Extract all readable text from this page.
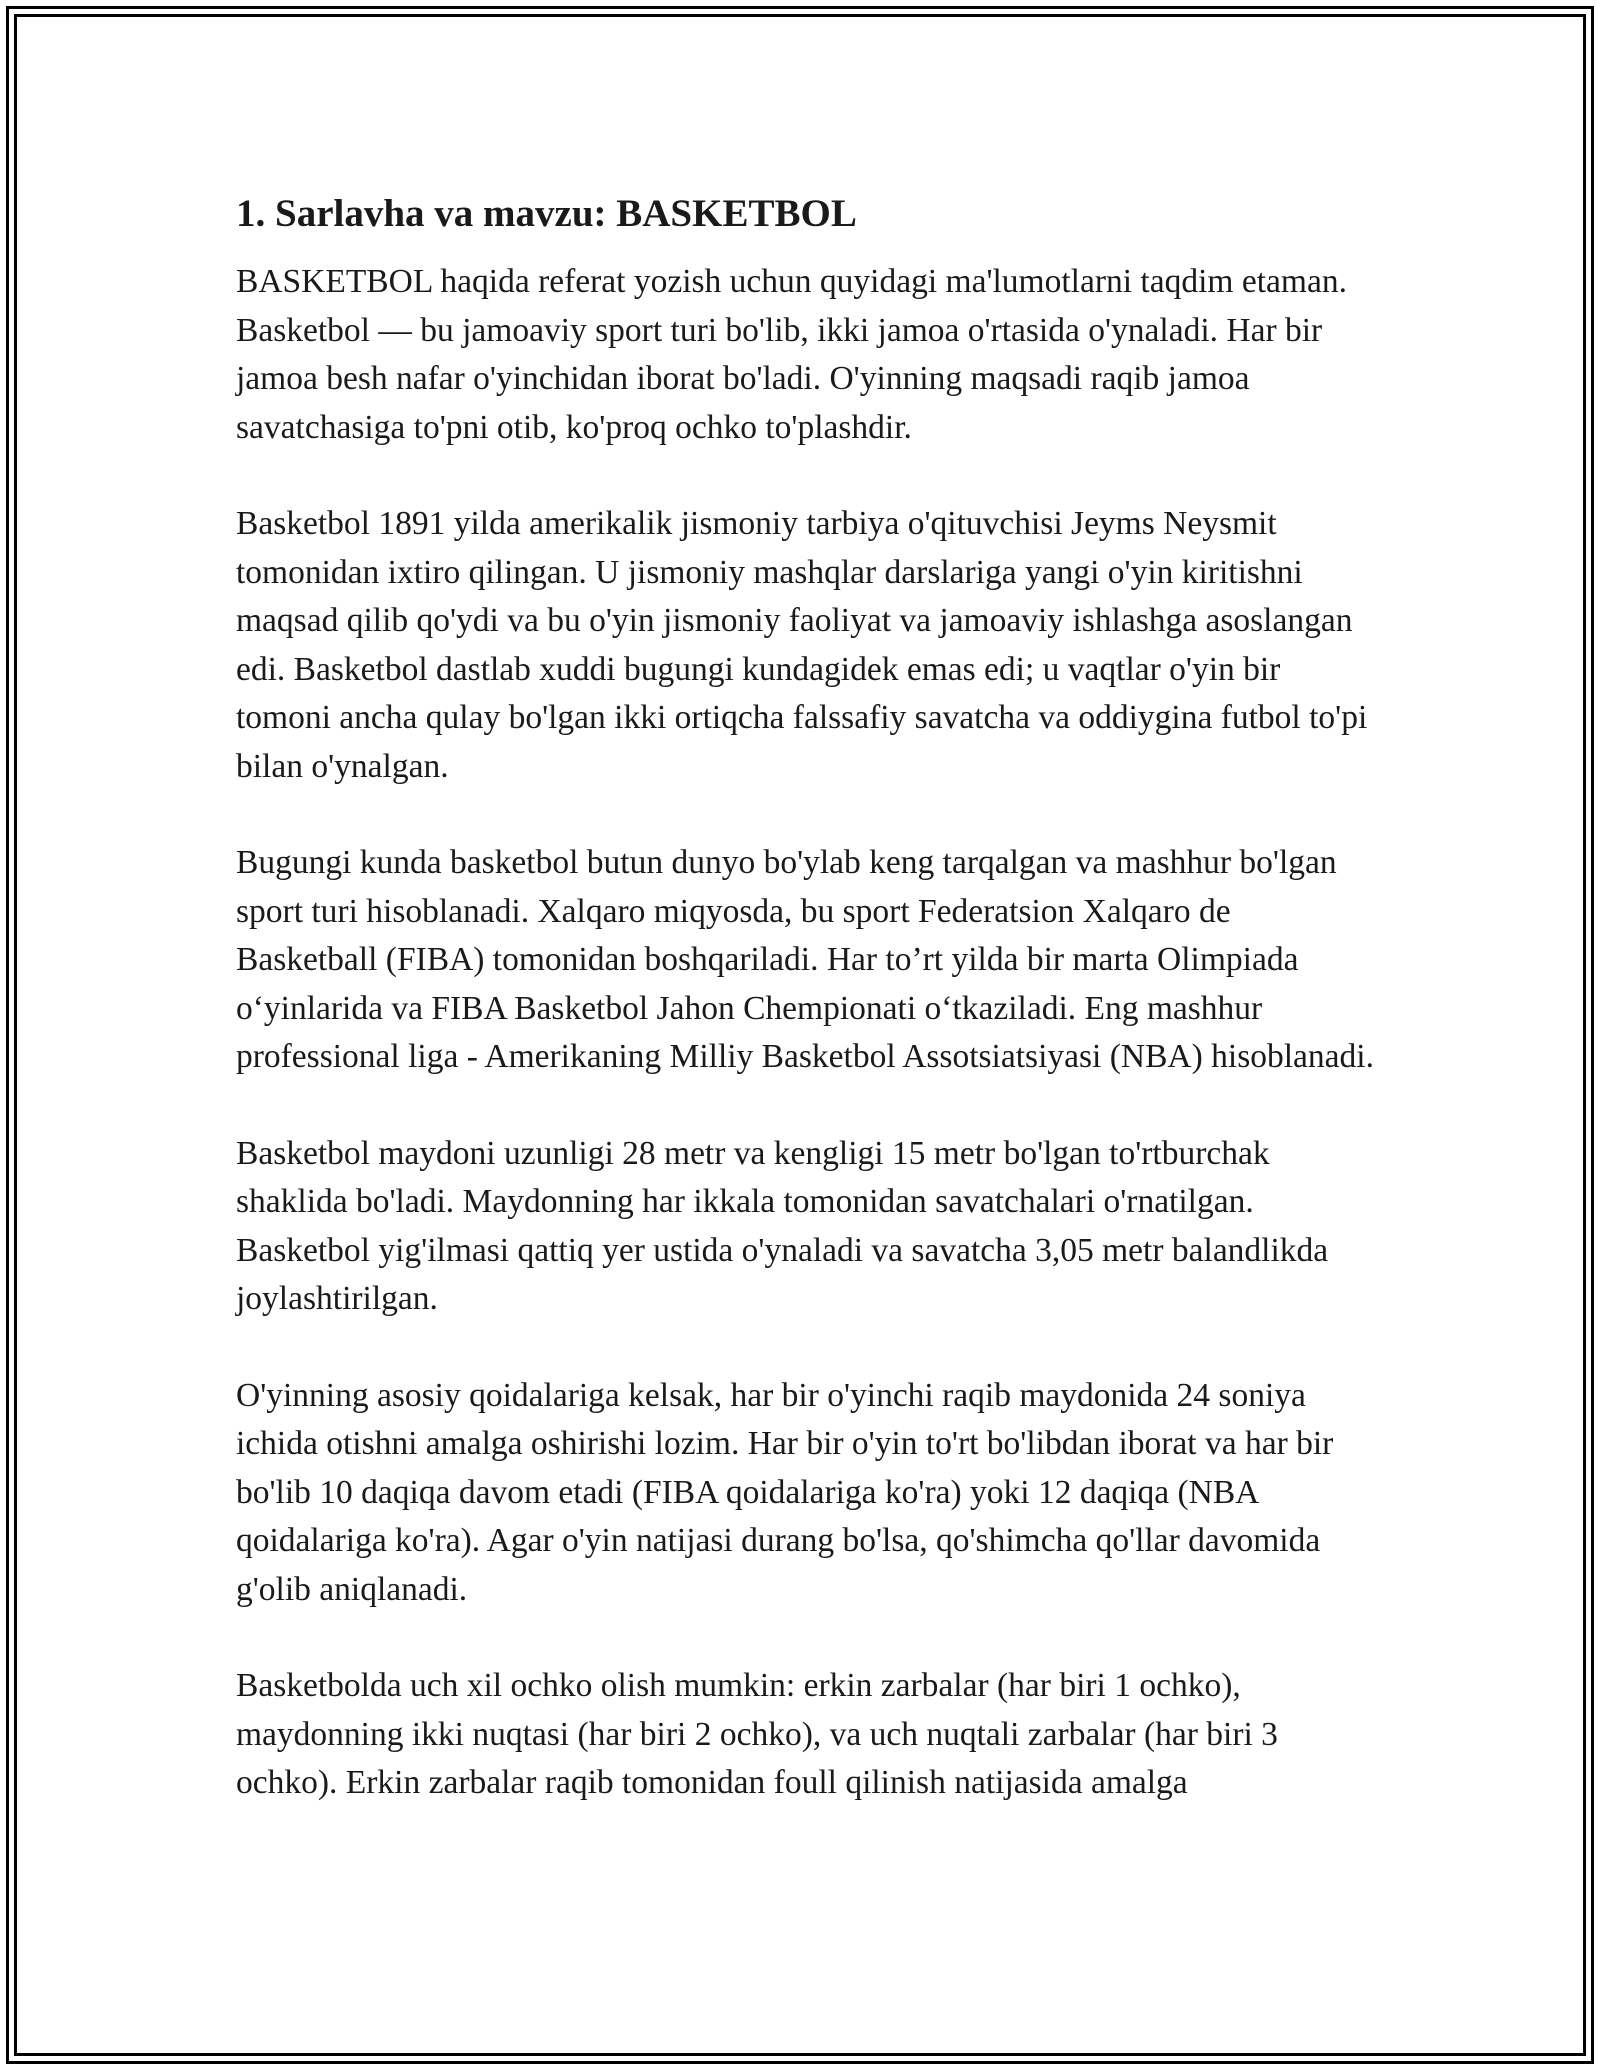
1. Sarlavha va mavzu: BASKETBOL

BASKETBOL haqida referat yozish uchun quyidagi ma'lumotlarni taqdim etaman. Basketbol — bu jamoaviy sport turi bo'lib, ikki jamoa o'rtasida o'ynaladi. Har bir jamoa besh nafar o'yinchidan iborat bo'ladi. O'yinning maqsadi raqib jamoa savatchasiga to'pni otib, ko'proq ochko to'plashdir.

Basketbol 1891 yilda amerikalik jismoniy tarbiya o'qituvchisi Jeyms Neysmit tomonidan ixtiro qilingan. U jismoniy mashqlar darslariga yangi o'yin kiritishni maqsad qilib qo'ydi va bu o'yin jismoniy faoliyat va jamoaviy ishlashga asoslangan edi. Basketbol dastlab xuddi bugungi kundagidek emas edi; u vaqtlar o'yin bir tomoni ancha qulay bo'lgan ikki ortiqcha falssafiy savatcha va oddiygina futbol to'pi bilan o'ynalgan.

Bugungi kunda basketbol butun dunyo bo'ylab keng tarqalgan va mashhur bo'lgan sport turi hisoblanadi. Xalqaro miqyosda, bu sport Federatsion Xalqaro de Basketball (FIBA) tomonidan boshqariladi. Har to’rt yilda bir marta Olimpiada o‘yinlarida va FIBA Basketbol Jahon Chempionati o‘tkaziladi. Eng mashhur professional liga - Amerikaning Milliy Basketbol Assotsiatsiyasi (NBA) hisoblanadi.

Basketbol maydoni uzunligi 28 metr va kengligi 15 metr bo'lgan to'rtburchak shaklida bo'ladi. Maydonning har ikkala tomonidan savatchalari o'rnatilgan. Basketbol yig'ilmasi qattiq yer ustida o'ynaladi va savatcha 3,05 metr balandlikda joylashtirilgan.

O'yinning asosiy qoidalariga kelsak, har bir o'yinchi raqib maydonida 24 soniya ichida otishni amalga oshirishi lozim. Har bir o'yin to'rt bo'libdan iborat va har bir bo'lib 10 daqiqa davom etadi (FIBA qoidalariga ko'ra) yoki 12 daqiqa (NBA qoidalariga ko'ra). Agar o'yin natijasi durang bo'lsa, qo'shimcha qo'llar davomida g'olib aniqlanadi.

Basketbolda uch xil ochko olish mumkin: erkin zarbalar (har biri 1 ochko), maydonning ikki nuqtasi (har biri 2 ochko), va uch nuqtali zarbalar (har biri 3 ochko). Erkin zarbalar raqib tomonidan foull qilinish natijasida amalga
